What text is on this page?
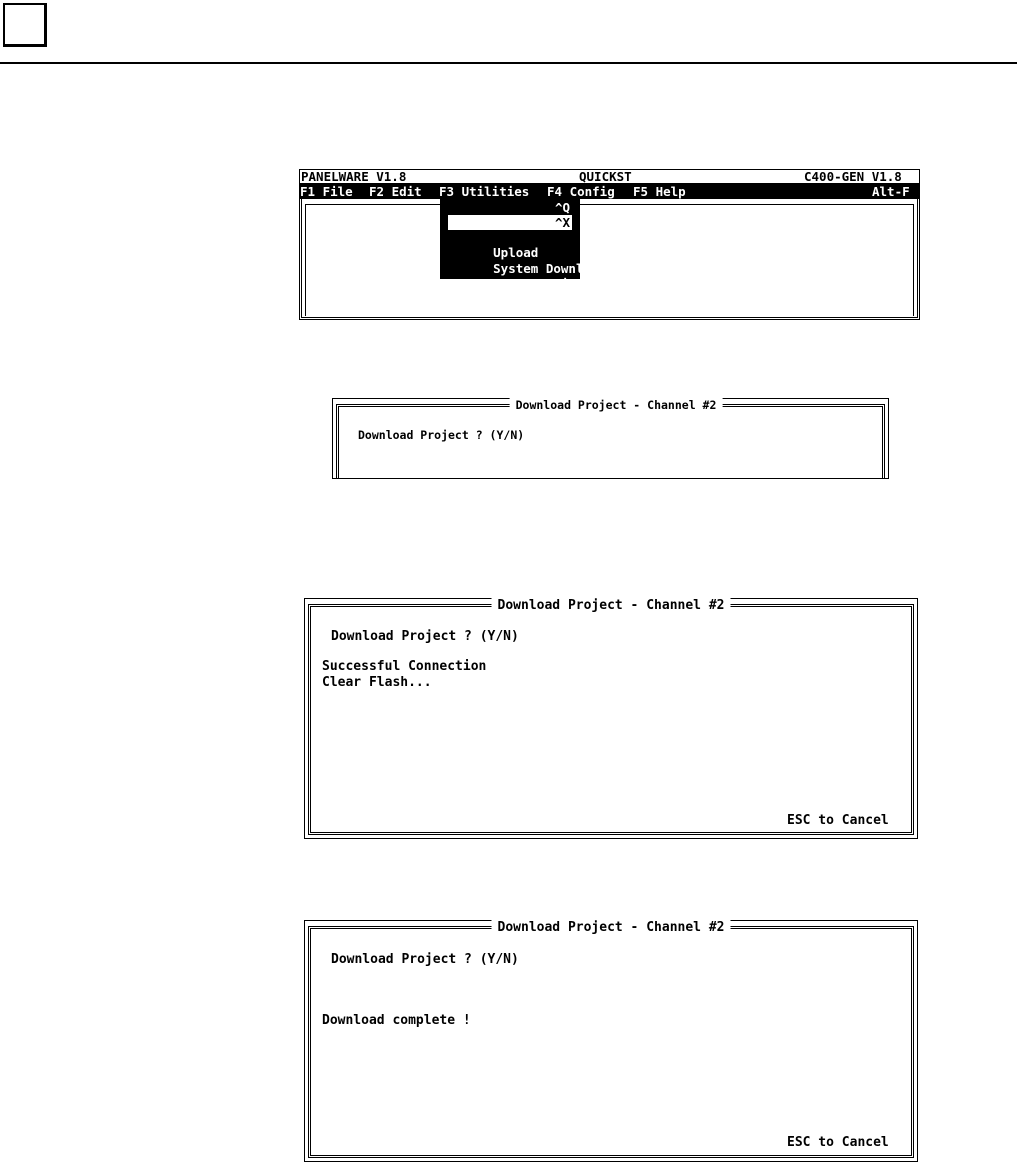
PANELWARE V1.8

	QUICKST

	C400-GEN V1.8

F1 File

F2 Edit

F3 Utilities

F4 Config

F5 Help

	Alt-F

^Q

Download

^X

Upload

System Download

Start Project

Download Project - Channel #2

Download Project ? (Y/N)

Download Project - Channel #2

Download Project ? (Y/N)

Successful Connection

Clear Flash...

ESC to Cancel

Download Project - Channel #2

Download Project ? (Y/N)

Download complete !

ESC to Cancel
